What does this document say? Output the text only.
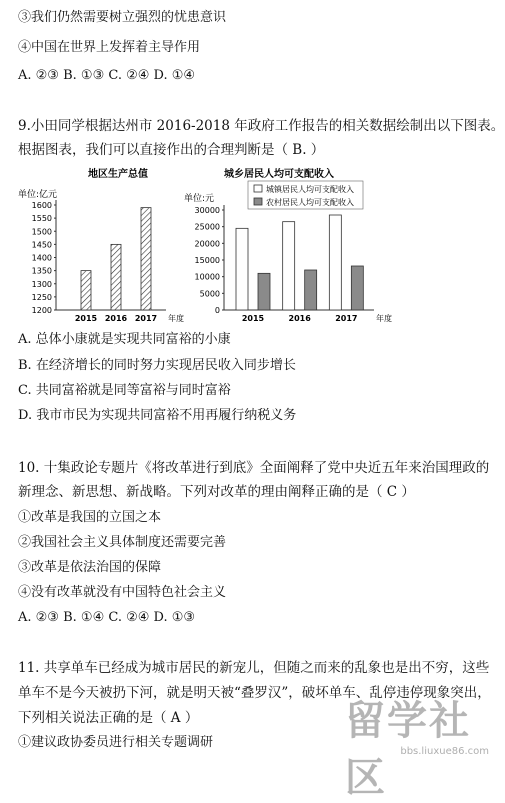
③我们仍然需要树立强烈的忧患意识
④中国在世界上发挥着主导作用
A. ②③ B. ①③ C. ②④ D. ①④
9.小田同学根据达州市 2016-2018 年政府工作报告的相关数据绘制出以下图表。
根据图表，我们可以直接作出的合理判断是（ B. ）
地区生产总值
单位:亿元
1200
1250
1300
1350
1400
1450
1500
1550
1600
2015 2016 2017 年度
城乡居民人均可支配收入
单位:元
城镇居民人均可支配收入
农村居民人均可支配收入
0
5000
10000
15000
20000
25000
30000
2015	2016	2017 年度
A. 总体小康就是实现共同富裕的小康
B. 在经济增长的同时努力实现居民收入同步增长
C. 共同富裕就是同等富裕与同时富裕
D. 我市市民为实现共同富裕不用再履行纳税义务
10. 十集政论专题片《将改革进行到底》全面阐释了党中央近五年来治国理政的
新理念、新思想、新战略。下列对改革的理由阐释正确的是（ C ）
①改革是我国的立国之本
②我国社会主义具体制度还需要完善
③改革是依法治国的保障
④没有改革就没有中国特色社会主义
A. ②③ B. ①④ C. ②④ D. ①③
11. 共享单车已经成为城市居民的新宠儿，但随之而来的乱象也是出不穷，这些
单车不是今天被扔下河，就是明天被“叠罗汉”，破坏单车、乱停违停现象突出，
下列相关说法正确的是（ A ）
①建议政协委员进行相关专题调研	留学社区
bbs.liuxue86.com
